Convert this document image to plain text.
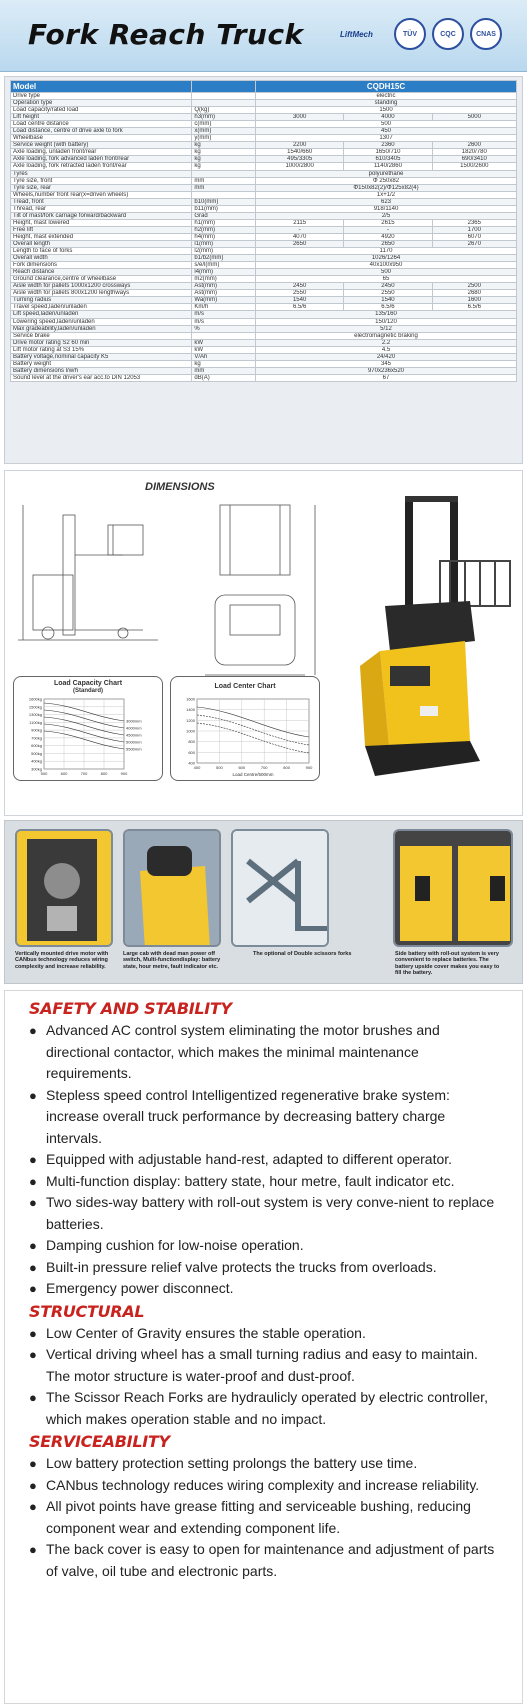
Fork Reach Truck	LiftMech	TÜV	CQC	CNAS
Model		CQDH15C		
Drive type		electric		
Operation type		standing		
Load capacity/rated load	Q(kg)	1500		
Lift height	h3(mm)	3000	4000	5000
Load centre distance	c(mm)	500		
Load distance, centre of drive axle to fork	x(mm)	450		
Wheelbase	y(mm)	1307		
Service weight (with battery)	kg	2200	2360	2600
Axle loading, unladen front/rear	kg	1540/660	1650/710	1820/780
Axle loading, fork advanced laden front/rear	kg	495/3305	610/3405	690/3410
Axle loading, fork retracted laden front/rear	kg	1000/2800	1140/2860	1500/2600
Tyres		polyurethane		
Tyre size, front	mm	Φ 250x82		
Tyre size, rear	mm	Φ150x82(2)/Φ125x82(4)		
Wheels,number front rear(x=driven wheels)		1x+1/2		
Tread, front	b10(mm)	623		
Thread, rear	b11(mm)	918/1140		
Tilt of mast/fork carriage forward/backward	Grad	2/5		
Height, mast lowered	h1(mm)	2115	2615	2365
Free lift	h2(mm)	-	-	1700
Height, mast extended	h4(mm)	4070	4920	6070
Overall length	l1(mm)	2650	2650	2670
Length to face of forks	l2(mm)	1170		
Overall width	b1/b2(mm)	1026/1264		
Fork dimensions	s/e/l(mm)	40x100x950		
Reach distance	l4(mm)	500		
Ground clearance,centre of wheelbase	m2(mm)	65		
Aisle width for pallets 1000x1200 crossways	Ast(mm)	2450	2450	2500
Aisle width for pallets 800x1200 lengthways	Ast(mm)	2550	2550	2680
Turning radius	Wa(mm)	1540	1540	1600
Travel speed,laden/unladen	Km/h	6.5/6	6.5/6	6.5/6
Lift speed,laden/unladen	m/s	135/160		
Lowering speed,laden/unladen	m/s	150/120		
Max gradeability,laden/unladen	%	5/12		
Service brake		electromagnetic braking		
Drive motor rating S2 60 min	kW	2.2		
Lift motor rating at S3 15%	kW	4.5		
Battery voltage,nominal capacity K5	V/Ah	24/420		
Battery weight	kg	345		
Battery dimensions l/w/h	mm	970x236x520		
Sound level at the driver's ear acc.to DIN 12053	dB(A)	67		
DIMENSIONS
Load Capacity Chart
(Standard)
1600kg
1500kg
1300kg
1100kg
900kg
700kg
600kg
500kg
400kg
300kg
500	600	700	800	900
3000mm
4000mm
4500mm
5000mm
5500mm
Load Center Chart
1600
1400
1200
1000
800
600
400
400	500	600	700	800	900
Load Centre/500mm
Vertically mounted drive motor with CANbus technology reduces wiring complexity and increase reliability.
Large cab with dead man power off switch, Multi-functiondisplay: battery state, hour metre, fault indicator etc.
The optional of Double scissors forks	Side battery with roll-out system is very convenient to replace batteries. The battery upside cover makes you easy to fill the battery.
SAFETY AND STABILITY
● Advanced AC control system eliminating the motor brushes and directional contactor, which makes the minimal maintenance requirements.
● Stepless speed control Intelligentized regenerative brake system: increase overall truck performance by decreasing battery charge intervals.
● Equipped with adjustable hand-rest, adapted to different operator.
● Multi-function display: battery state, hour metre, fault indicator etc.
● Two sides-way battery with roll-out system is very conve-nient to replace batteries.
● Damping cushion for low-noise operation.
● Built-in pressure relief valve protects the trucks from overloads.
● Emergency power disconnect.
STRUCTURAL
● Low Center of Gravity ensures the stable operation.
● Vertical driving wheel has a small turning radius and easy to maintain. The motor structure is water-proof and dust-proof.
● The Scissor Reach Forks are hydraulicly operated by electric controller, which makes operation stable and no impact.
SERVICEABILITY
● Low battery protection setting prolongs the battery use time.
● CANbus technology reduces wiring complexity and increase reliability.
● All pivot points have grease fitting and serviceable bushing, reducing component wear and extending component life.
● The back cover is easy to open for maintenance and adjustment of parts of valve, oil tube and electronic parts.
